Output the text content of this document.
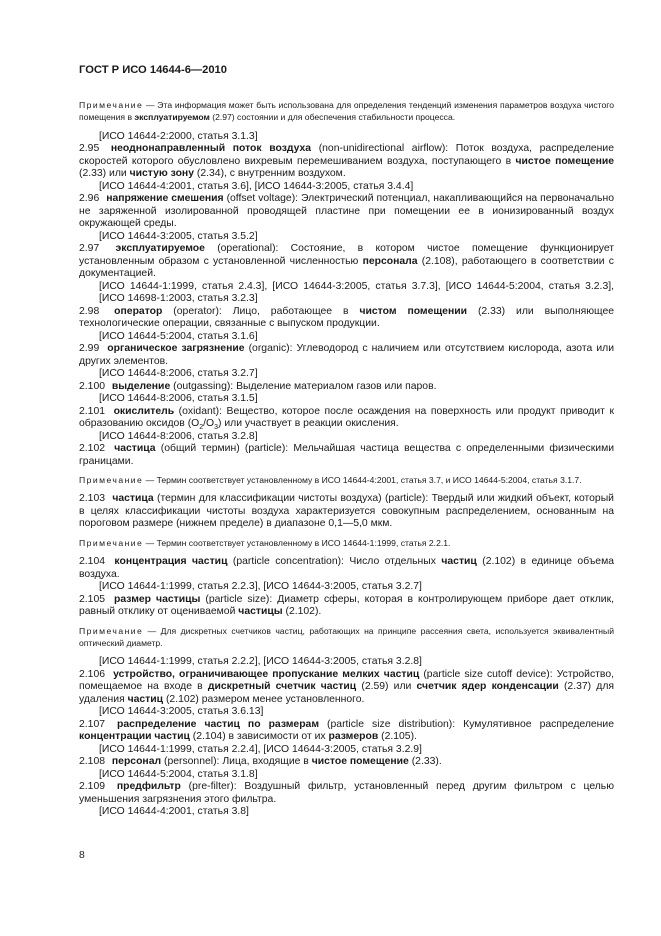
ГОСТ Р ИСО 14644-6—2010

Примечание — Эта информация может быть использована для определения тенденций изменения параметров воздуха чистого помещения в эксплуатируемом (2.97) состоянии и для обеспечения стабильности процесса.

[ИСО 14644-2:2000, статья 3.1.3]

2.95 неоднонаправленный поток воздуха (non-unidirectional airflow): Поток воздуха, распределение скоростей которого обусловлено вихревым перемешиванием воздуха, поступающего в чистое помещение (2.33) или чистую зону (2.34), с внутренним воздухом.

[ИСО 14644-4:2001, статья 3.6], [ИСО 14644-3:2005, статья 3.4.4]

2.96 напряжение смешения (offset voltage): Электрический потенциал, накапливающийся на первоначально не заряженной изолированной проводящей пластине при помещении ее в ионизированный воздух окружающей среды.

[ИСО 14644-3:2005, статья 3.5.2]

2.97 эксплуатируемое (operational): Состояние, в котором чистое помещение функционирует установленным образом с установленной численностью персонала (2.108), работающего в соответствии с документацией.

[ИСО 14644-1:1999, статья 2.4.3], [ИСО 14644-3:2005, статья 3.7.3], [ИСО 14644-5:2004, статья 3.2.3], [ИСО 14698-1:2003, статья 3.2.3]

2.98 оператор (operator): Лицо, работающее в чистом помещении (2.33) или выполняющее технологические операции, связанные с выпуском продукции.

[ИСО 14644-5:2004, статья 3.1.6]

2.99 органическое загрязнение (organic): Углеводород с наличием или отсутствием кислорода, азота или других элементов.

[ИСО 14644-8:2006, статья 3.2.7]

2.100 выделение (outgassing): Выделение материалом газов или паров.

[ИСО 14644-8:2006, статья 3.1.5]

2.101 окислитель (oxidant): Вещество, которое после осаждения на поверхность или продукт приводит к образованию оксидов $(O_2/O_3)$ или участвует в реакции окисления.

[ИСО 14644-8:2006, статья 3.2.8]

2.102 частица (общий термин) (particle): Мельчайшая частица вещества с определенными физическими границами.

Примечание — Термин соответствует установленному в ИСО 14644-4:2001, статья 3.7, и ИСО 14644-5:2004, статья 3.1.7.

2.103 частица (термин для классификации чистоты воздуха) (particle): Твердый или жидкий объект, который в целях классификации чистоты воздуха характеризуется совокупным распределением, основанным на пороговом размере (нижнем пределе) в диапазоне 0,1—5,0 мкм.

Примечание — Термин соответствует установленному в ИСО 14644-1:1999, статья 2.2.1.

2.104 концентрация частиц (particle concentration): Число отдельных частиц (2.102) в единице объема воздуха.

[ИСО 14644-1:1999, статья 2.2.3], [ИСО 14644-3:2005, статья 3.2.7]

2.105 размер частицы (particle size): Диаметр сферы, которая в контролирующем приборе дает отклик, равный отклику от оцениваемой частицы (2.102).

Примечание — Для дискретных счетчиков частиц, работающих на принципе рассеяния света, используется эквивалентный оптический диаметр.

[ИСО 14644-1:1999, статья 2.2.2], [ИСО 14644-3:2005, статья 3.2.8]

2.106 устройство, ограничивающее пропускание мелких частиц (particle size cutoff device): Устройство, помещаемое на входе в дискретный счетчик частиц (2.59) или счетчик ядер конденсации (2.37) для удаления частиц (2.102) размером менее установленного.

[ИСО 14644-3:2005, статья 3.6.13]

2.107 распределение частиц по размерам (particle size distribution): Кумулятивное распределение концентрации частиц (2.104) в зависимости от их размеров (2.105).

[ИСО 14644-1:1999, статья 2.2.4], [ИСО 14644-3:2005, статья 3.2.9]

2.108 персонал (personnel): Лица, входящие в чистое помещение (2.33).

[ИСО 14644-5:2004, статья 3.1.8]

2.109 предфильтр (pre-filter): Воздушный фильтр, установленный перед другим фильтром с целью уменьшения загрязнения этого фильтра.

[ИСО 14644-4:2001, статья 3.8]

8
